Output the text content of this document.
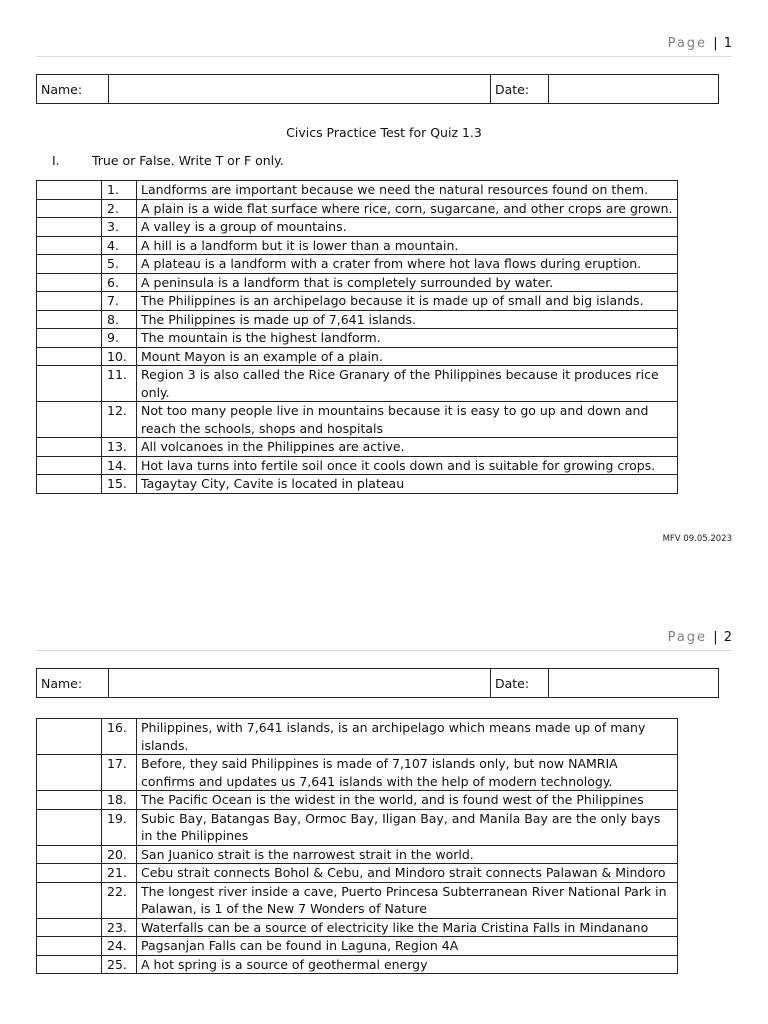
Page | 1
Name:	Date:
Civics Practice Test for Quiz 1.3
I.	True or False. Write T or F only.
	1.	Landforms are important because we need the natural resources found on them.
	2.	A plain is a wide flat surface where rice, corn, sugarcane, and other crops are grown.
	3.	A valley is a group of mountains.
	4.	A hill is a landform but it is lower than a mountain.
	5.	A plateau is a landform with a crater from where hot lava flows during eruption.
	6.	A peninsula is a landform that is completely surrounded by water.
	7.	The Philippines is an archipelago because it is made up of small and big islands.
	8.	The Philippines is made up of 7,641 islands.
	9.	The mountain is the highest landform.
	10.	Mount Mayon is an example of a plain.
	11.	Region 3 is also called the Rice Granary of the Philippines because it produces rice only.
	12.	Not too many people live in mountains because it is easy to go up and down and reach the schools, shops and hospitals
	13.	All volcanoes in the Philippines are active.
	14.	Hot lava turns into fertile soil once it cools down and is suitable for growing crops.
	15.	Tagaytay City, Cavite is located in plateau
MFV 09.05.2023
Page | 2
Name:	Date:
	16.	Philippines, with 7,641 islands, is an archipelago which means made up of many islands.
	17.	Before, they said Philippines is made of 7,107 islands only, but now NAMRIA confirms and updates us 7,641 islands with the help of modern technology.
	18.	The Pacific Ocean is the widest in the world, and is found west of the Philippines
	19.	Subic Bay, Batangas Bay, Ormoc Bay, Iligan Bay, and Manila Bay are the only bays in the Philippines
	20.	San Juanico strait is the narrowest strait in the world.
	21.	Cebu strait connects Bohol & Cebu, and Mindoro strait connects Palawan & Mindoro
	22.	The longest river inside a cave, Puerto Princesa Subterranean River National Park in Palawan, is 1 of the New 7 Wonders of Nature
	23.	Waterfalls can be a source of electricity like the Maria Cristina Falls in Mindanano
	24.	Pagsanjan Falls can be found in Laguna, Region 4A
	25.	A hot spring is a source of geothermal energy
